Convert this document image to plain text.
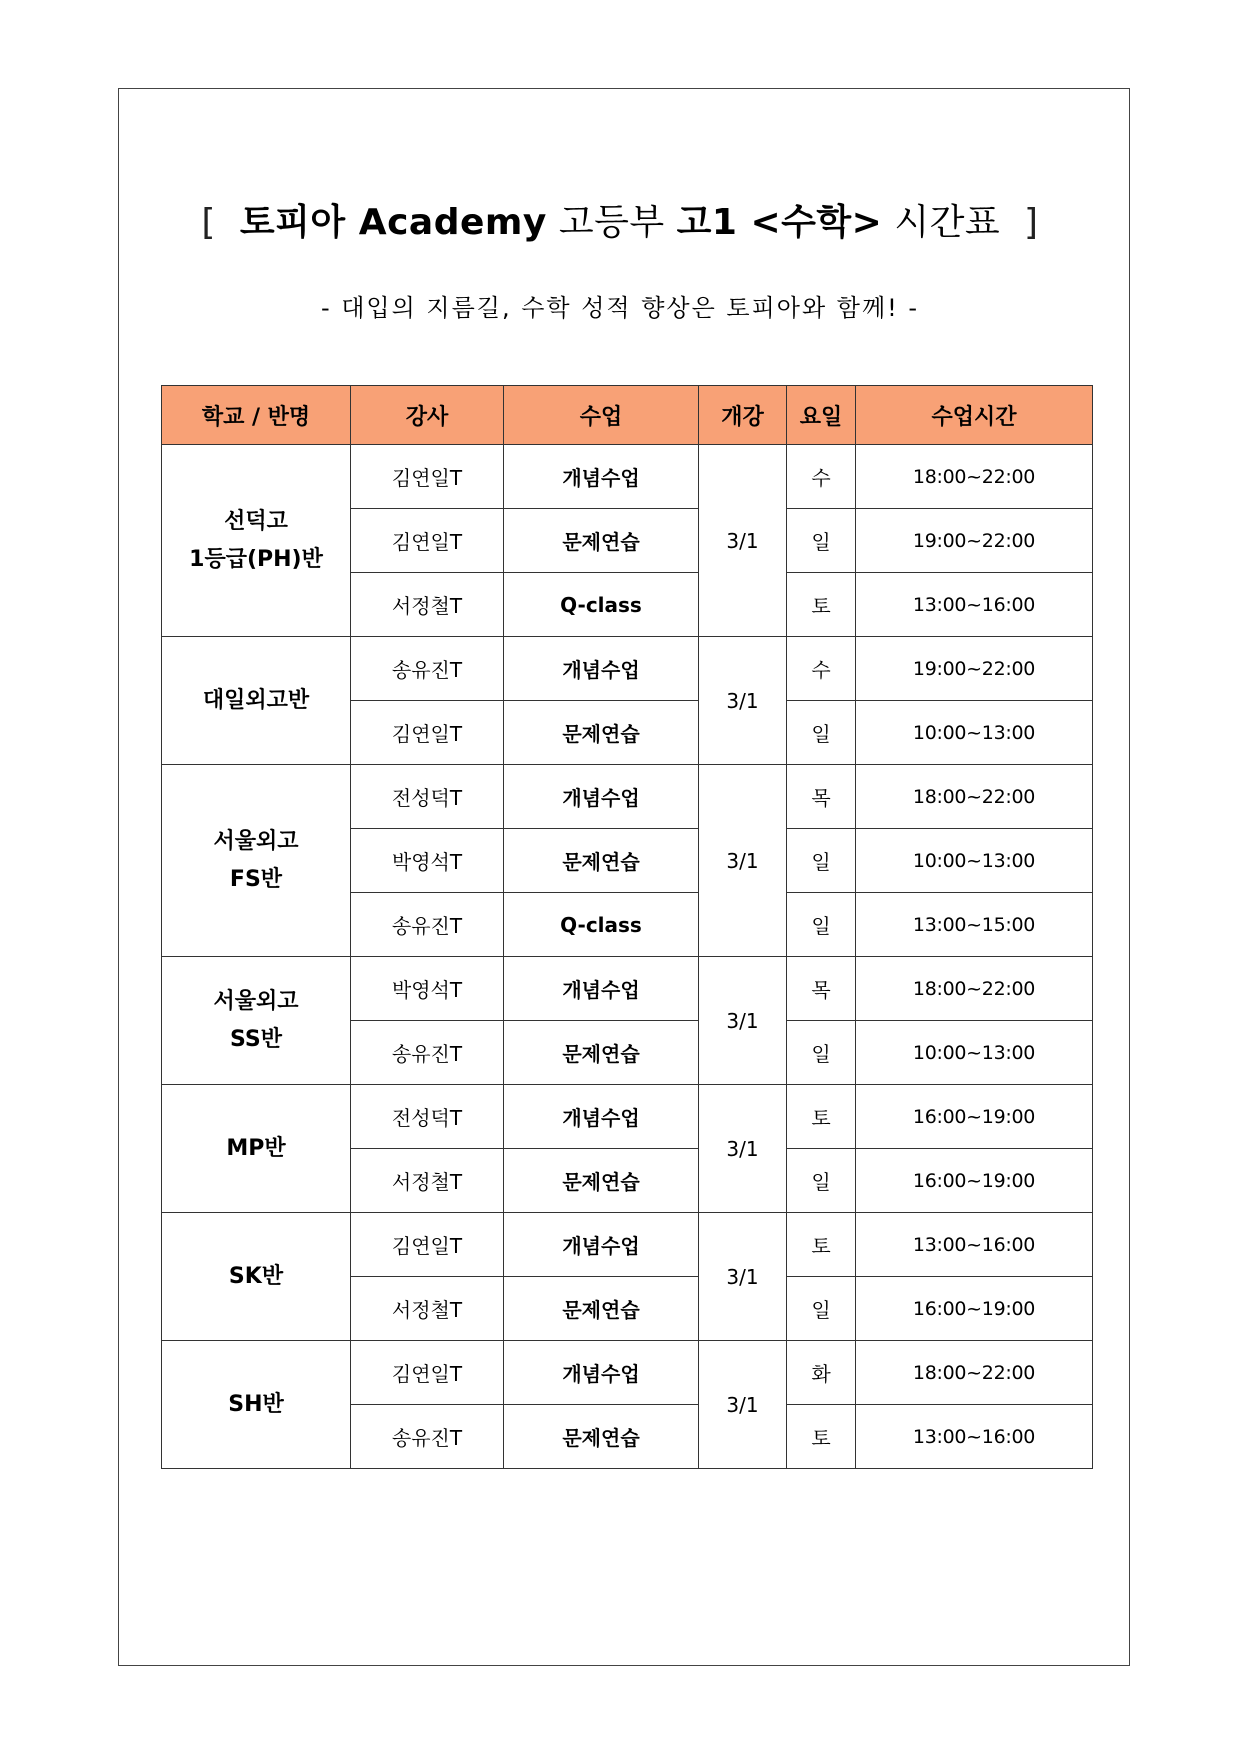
[ 토피아 Academy 고등부 고1 <수학> 시간표 ]
- 대입의 지름길, 수학 성적 향상은 토피아와 함께! -
학교 / 반명	강사	수업	개강	요일	수업시간

선덕고
1등급(PH)반	김연일T	개념수업	3/1	수	18:00~22:00
	김연일T	문제연습		일	19:00~22:00
	서정철T	Q-class		토	13:00~16:00

대일외고반	송유진T	개념수업	3/1	수	19:00~22:00
	김연일T	문제연습		일	10:00~13:00

서울외고
FS반	전성덕T	개념수업	3/1	목	18:00~22:00
	박영석T	문제연습		일	10:00~13:00
	송유진T	Q-class		일	13:00~15:00

서울외고
SS반	박영석T	개념수업	3/1	목	18:00~22:00
	송유진T	문제연습		일	10:00~13:00

MP반	전성덕T	개념수업	3/1	토	16:00~19:00
	서정철T	문제연습		일	16:00~19:00

SK반	김연일T	개념수업	3/1	토	13:00~16:00
	서정철T	문제연습		일	16:00~19:00

SH반	김연일T	개념수업	3/1	화	18:00~22:00
	송유진T	문제연습		토	13:00~16:00
